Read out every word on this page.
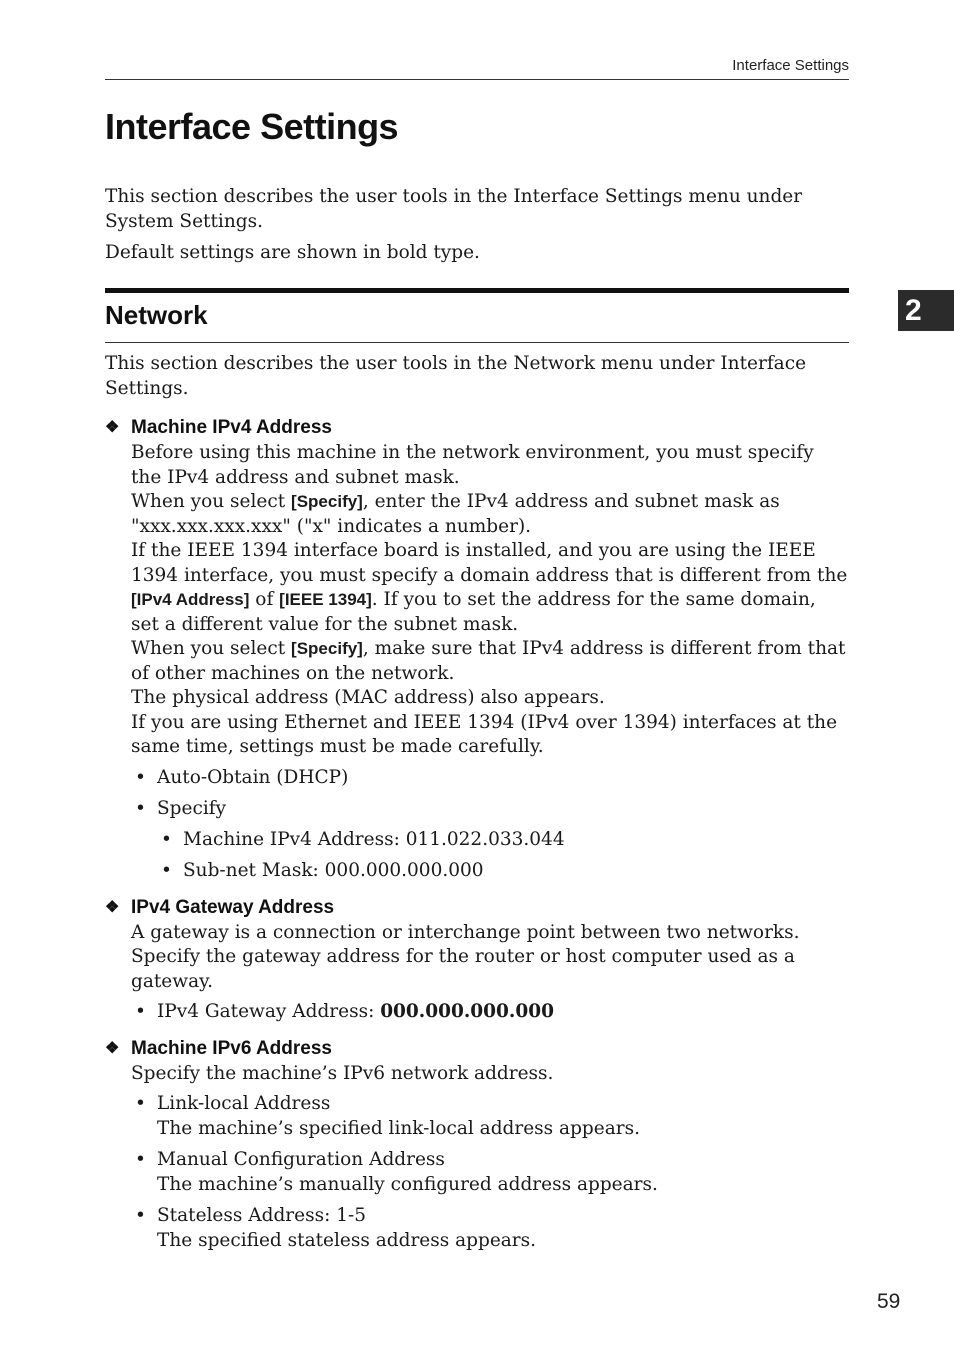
Interface Settings
Interface Settings

This section describes the user tools in the Interface Settings menu under System Settings.

Default settings are shown in bold type.

Network

This section describes the user tools in the Network menu under Interface Settings.

❖ Machine IPv4 Address

Before using this machine in the network environment, you must specify the IPv4 address and subnet mask.

When you select [Specify], enter the IPv4 address and subnet mask as "xxx.xxx.xxx.xxx" ("x" indicates a number).

If the IEEE 1394 interface board is installed, and you are using the IEEE 1394 interface, you must specify a domain address that is different from the [IPv4 Address] of [IEEE 1394]. If you to set the address for the same domain, set a different value for the subnet mask.

When you select [Specify], make sure that IPv4 address is different from that of other machines on the network.

The physical address (MAC address) also appears.

If you are using Ethernet and IEEE 1394 (IPv4 over 1394) interfaces at the same time, settings must be made carefully.

• Auto-Obtain (DHCP)
• Specify
• Machine IPv4 Address: 011.022.033.044
• Sub-net Mask: 000.000.000.000
❖ IPv4 Gateway Address

A gateway is a connection or interchange point between two networks.

Specify the gateway address for the router or host computer used as a gateway.

• IPv4 Gateway Address: 000.000.000.000
❖ Machine IPv6 Address

Specify the machine’s IPv6 network address.

• Link-local Address
The machine’s specified link-local address appears.
• Manual Configuration Address
The machine’s manually configured address appears.
• Stateless Address: 1-5
The specified stateless address appears.
2
59
